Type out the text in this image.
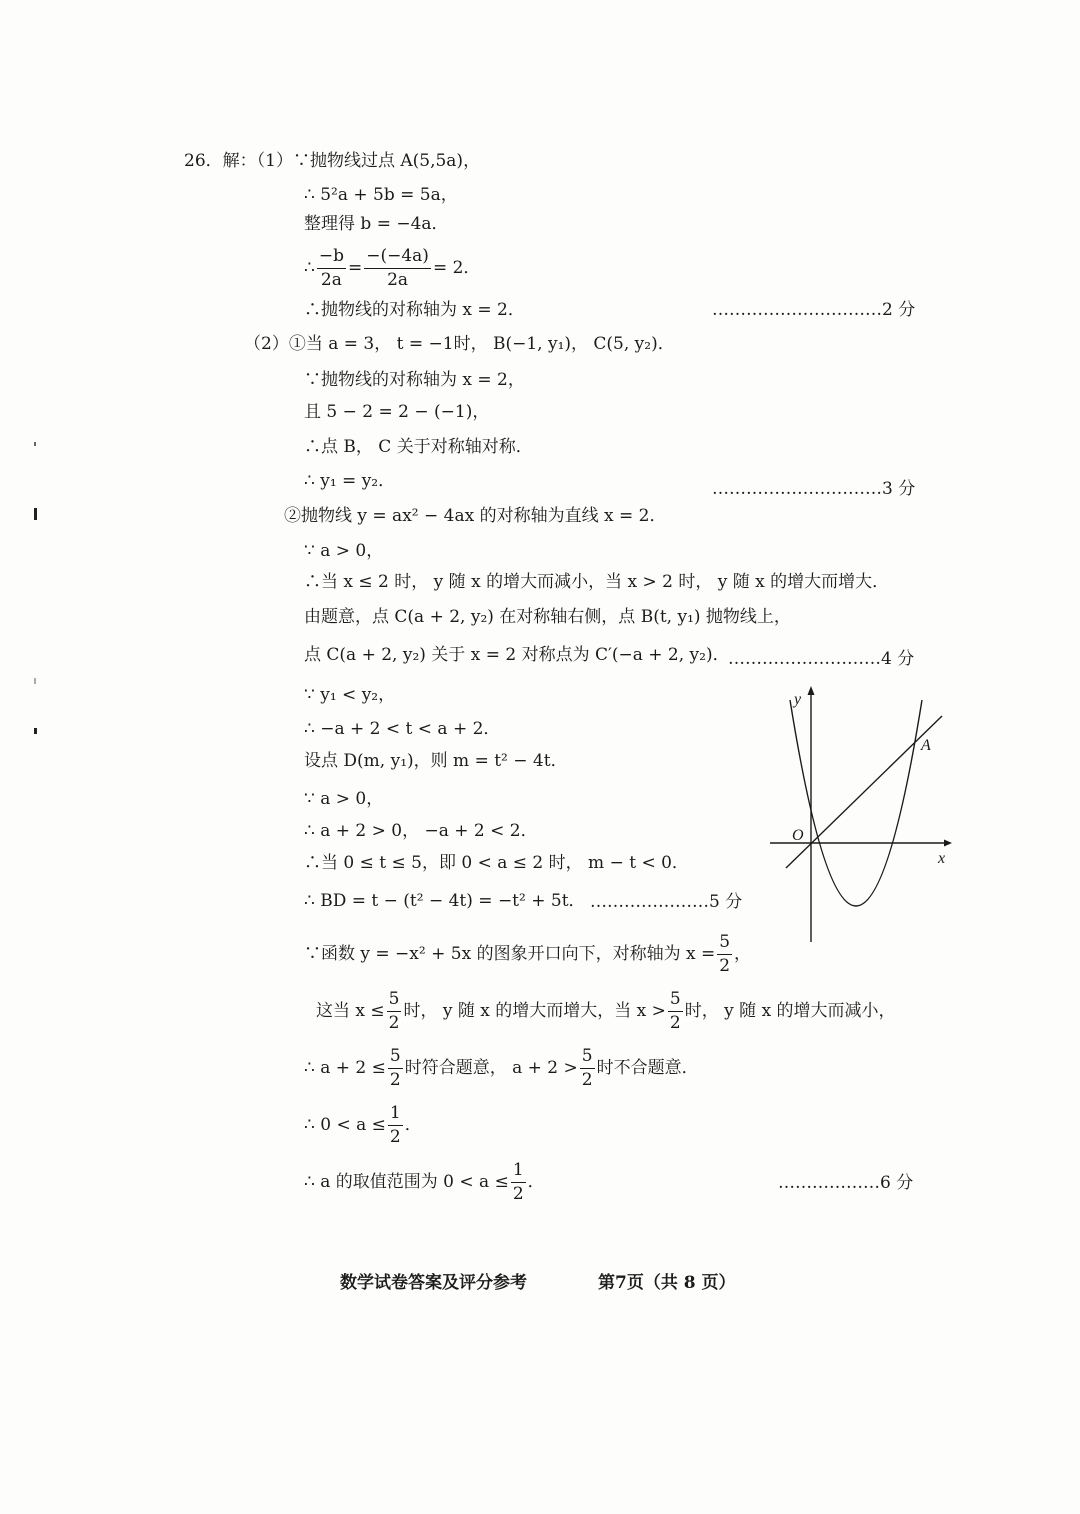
26．解：（1）∵抛物线过点 A(5,5a)，
∴ 5²a + 5b = 5a，
整理得 b = −4a．
∴ $\frac{-b}{2a} = \frac{-(-4a)}{2a} = 2$．
∴抛物线的对称轴为 x = 2．	…………………………2 分
（2）①当 a = 3， t = −1时， B(−1, y₁)， C(5, y₂)．
∵抛物线的对称轴为 x = 2，
且 5 − 2 = 2 − (−1)，
∴点 B， C 关于对称轴对称．
∴ y₁ = y₂．	…………………………3 分
②抛物线 y = ax² − 4ax 的对称轴为直线 x = 2．
∵ a > 0，
∴当 x ≤ 2 时， y 随 x 的增大而减小，当 x > 2 时， y 随 x 的增大而增大．
由题意，点 C(a + 2, y₂) 在对称轴右侧，点 B(t, y₁) 抛物线上，
点 C(a + 2, y₂) 关于 x = 2 对称点为 C′(−a + 2, y₂)．
………………………4 分
∵ y₁ < y₂，
∴ −a + 2 < t < a + 2．
设点 D(m, y₁)，则 m = t² − 4t．
∵ a > 0，
∴ a + 2 > 0， −a + 2 < 2．
∴当 0 ≤ t ≤ 5，即 0 < a ≤ 2 时， m − t < 0．
∴ BD = t − (t² − 4t) = −t² + 5t． …………………5 分
∵函数 y = −x² + 5x 的图象开口向下，对称轴为 $x = \frac{5}{2}$ ，
这当 $x \le \frac{5}{2}$ 时， y 随 x 的增大而增大，当 $x > \frac{5}{2}$ 时， y 随 x 的增大而减小，
∴ $a + 2 \le \frac{5}{2}$ 时符合题意， $a + 2 > \frac{5}{2}$ 时不合题意．
∴ $0 < a \le \frac{1}{2}$ ．
∴ a 的取值范围为 $0 < a \le \frac{1}{2}$ ．	………………6 分
y
x
O
A
数学试卷答案及评分参考	第7页（共 8 页）
